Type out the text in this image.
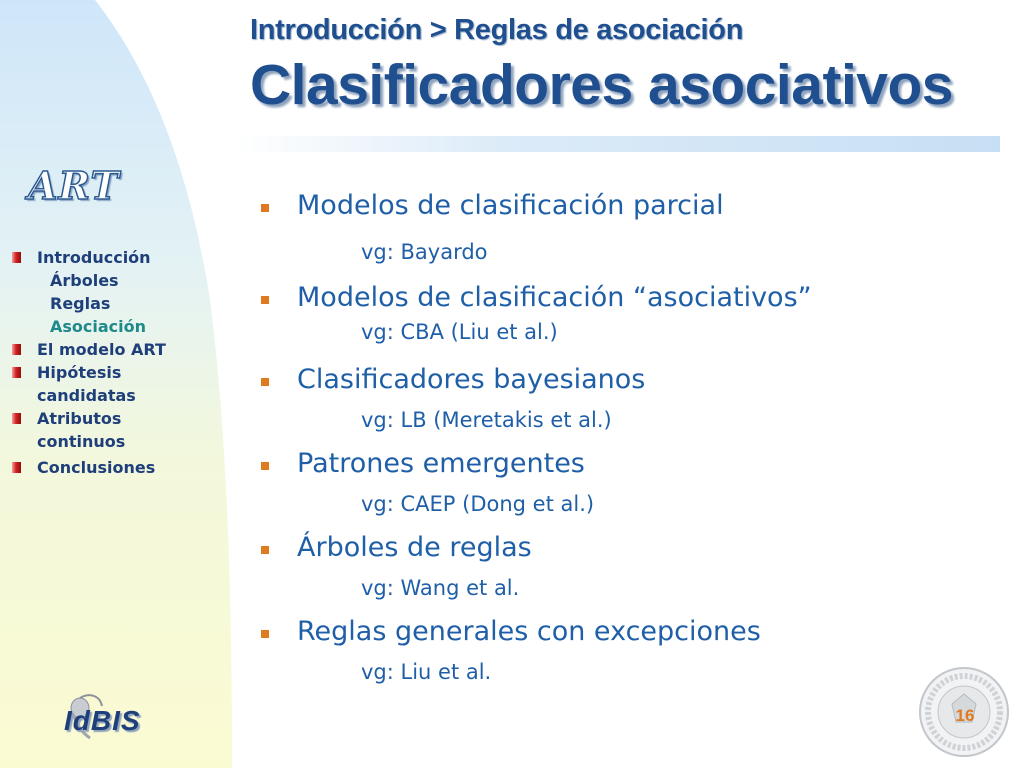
Introducción > Reglas de asociación
Clasificadores asociativos
ART
Introducción
Árboles
Reglas
Asociación
El modelo ART
Hipótesis candidatas
Atributos continuos
Conclusiones
IdBIS
Modelos de clasificación parcial
vg: Bayardo
Modelos de clasificación “asociativos”
vg: CBA (Liu et al.)
Clasificadores bayesianos
vg: LB (Meretakis et al.)
Patrones emergentes
vg: CAEP (Dong et al.)
Árboles de reglas
vg: Wang et al.
Reglas generales con excepciones
vg: Liu et al.
16
